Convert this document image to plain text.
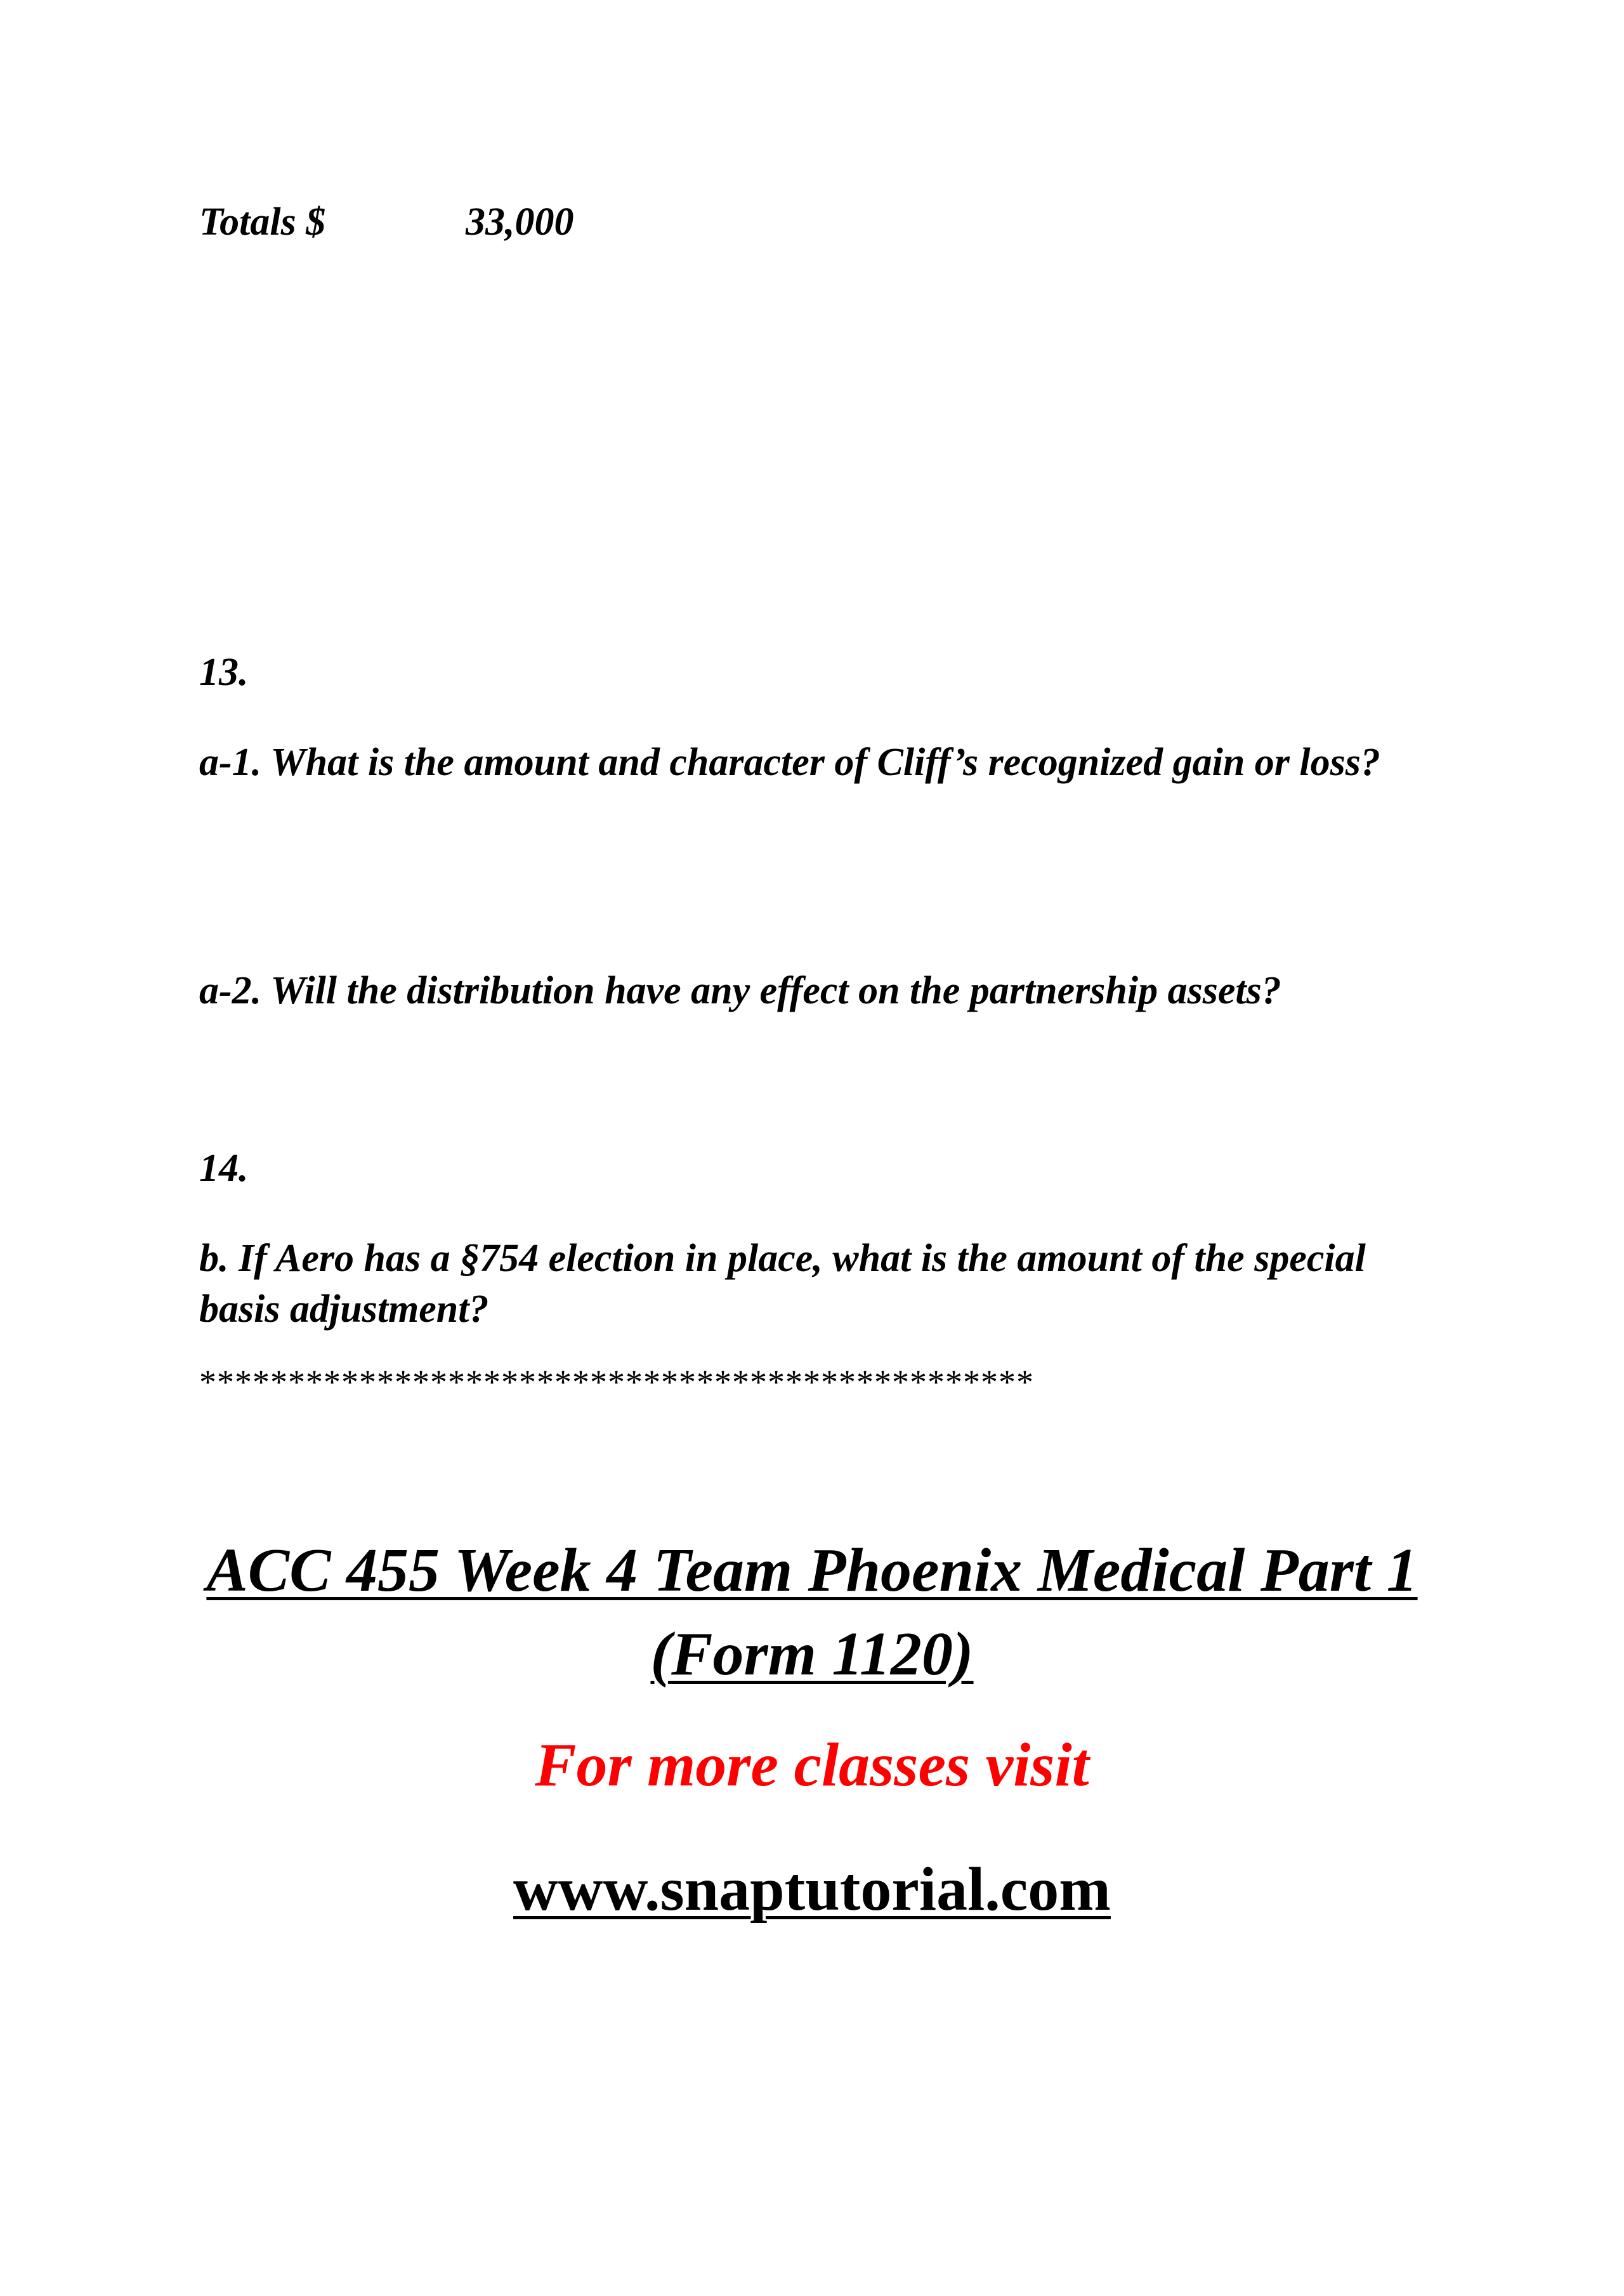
Totals $	33,000

13.

a-1. What is the amount and character of Cliff’s recognized gain or loss?

a-2. Will the distribution have any effect on the partnership assets?

14.

b. If Aero has a §754 election in place, what is the amount of the special basis adjustment?

***********************************************

ACC 455 Week 4 Team Phoenix Medical Part 1 (Form 1120)

For more classes visit

www.snaptutorial.com
